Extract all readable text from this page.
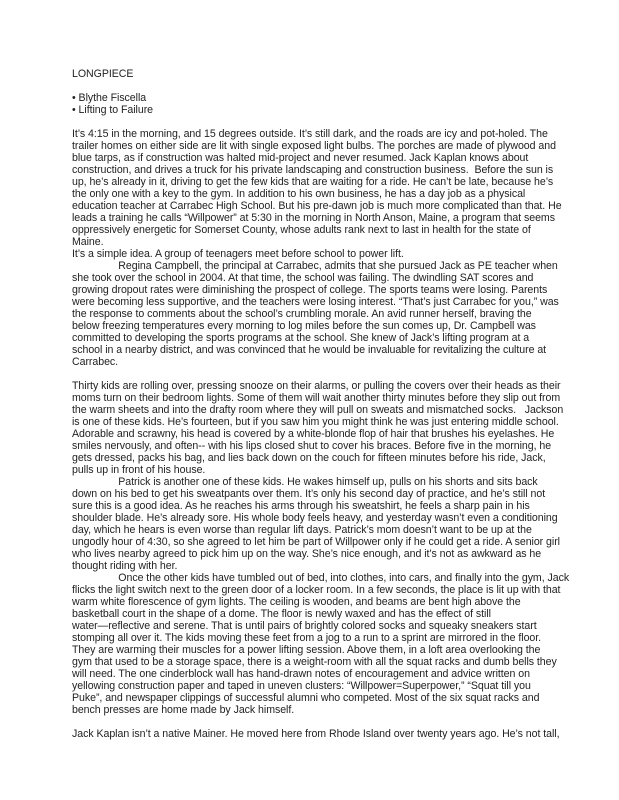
LONGPIECE
• Blythe Fiscella
• Lifting to Failure
It’s 4:15 in the morning, and 15 degrees outside. It’s still dark, and the roads are icy and pot-holed. The
trailer homes on either side are lit with single exposed light bulbs. The porches are made of plywood and
blue tarps, as if construction was halted mid-project and never resumed. Jack Kaplan knows about
construction, and drives a truck for his private landscaping and construction business.  Before the sun is
up, he’s already in it, driving to get the few kids that are waiting for a ride. He can’t be late, because he’s
the only one with a key to the gym. In addition to his own business, he has a day job as a physical
education teacher at Carrabec High School. But his pre-dawn job is much more complicated than that. He
leads a training he calls “Willpower” at 5:30 in the morning in North Anson, Maine, a program that seems
oppressively energetic for Somerset County, whose adults rank next to last in health for the state of
Maine.
It’s a simple idea. A group of teenagers meet before school to power lift.
Regina Campbell, the principal at Carrabec, admits that she pursued Jack as PE teacher when
she took over the school in 2004. At that time, the school was failing. The dwindling SAT scores and
growing dropout rates were diminishing the prospect of college. The sports teams were losing. Parents
were becoming less supportive, and the teachers were losing interest. “That’s just Carrabec for you,” was
the response to comments about the school’s crumbling morale. An avid runner herself, braving the
below freezing temperatures every morning to log miles before the sun comes up, Dr. Campbell was
committed to developing the sports programs at the school. She knew of Jack’s lifting program at a
school in a nearby district, and was convinced that he would be invaluable for revitalizing the culture at
Carrabec.
Thirty kids are rolling over, pressing snooze on their alarms, or pulling the covers over their heads as their
moms turn on their bedroom lights. Some of them will wait another thirty minutes before they slip out from
the warm sheets and into the drafty room where they will pull on sweats and mismatched socks.   Jackson
is one of these kids. He’s fourteen, but if you saw him you might think he was just entering middle school.
Adorable and scrawny, his head is covered by a white-blonde flop of hair that brushes his eyelashes. He
smiles nervously, and often-- with his lips closed shut to cover his braces. Before five in the morning, he
gets dressed, packs his bag, and lies back down on the couch for fifteen minutes before his ride, Jack,
pulls up in front of his house.
Patrick is another one of these kids. He wakes himself up, pulls on his shorts and sits back
down on his bed to get his sweatpants over them. It’s only his second day of practice, and he’s still not
sure this is a good idea. As he reaches his arms through his sweatshirt, he feels a sharp pain in his
shoulder blade. He’s already sore. His whole body feels heavy, and yesterday wasn’t even a conditioning
day, which he hears is even worse than regular lift days. Patrick’s mom doesn’t want to be up at the
ungodly hour of 4:30, so she agreed to let him be part of Willpower only if he could get a ride. A senior girl
who lives nearby agreed to pick him up on the way. She’s nice enough, and it’s not as awkward as he
thought riding with her.
Once the other kids have tumbled out of bed, into clothes, into cars, and finally into the gym, Jack
flicks the light switch next to the green door of a locker room. In a few seconds, the place is lit up with that
warm white florescence of gym lights. The ceiling is wooden, and beams are bent high above the
basketball court in the shape of a dome. The floor is newly waxed and has the effect of still
water—reflective and serene. That is until pairs of brightly colored socks and squeaky sneakers start
stomping all over it. The kids moving these feet from a jog to a run to a sprint are mirrored in the floor.
They are warming their muscles for a power lifting session. Above them, in a loft area overlooking the
gym that used to be a storage space, there is a weight-room with all the squat racks and dumb bells they
will need. The one cinderblock wall has hand-drawn notes of encouragement and advice written on
yellowing construction paper and taped in uneven clusters: “Willpower=Superpower,” “Squat till you
Puke”, and newspaper clippings of successful alumni who competed. Most of the six squat racks and
bench presses are home made by Jack himself.
Jack Kaplan isn’t a native Mainer. He moved here from Rhode Island over twenty years ago. He’s not tall,
